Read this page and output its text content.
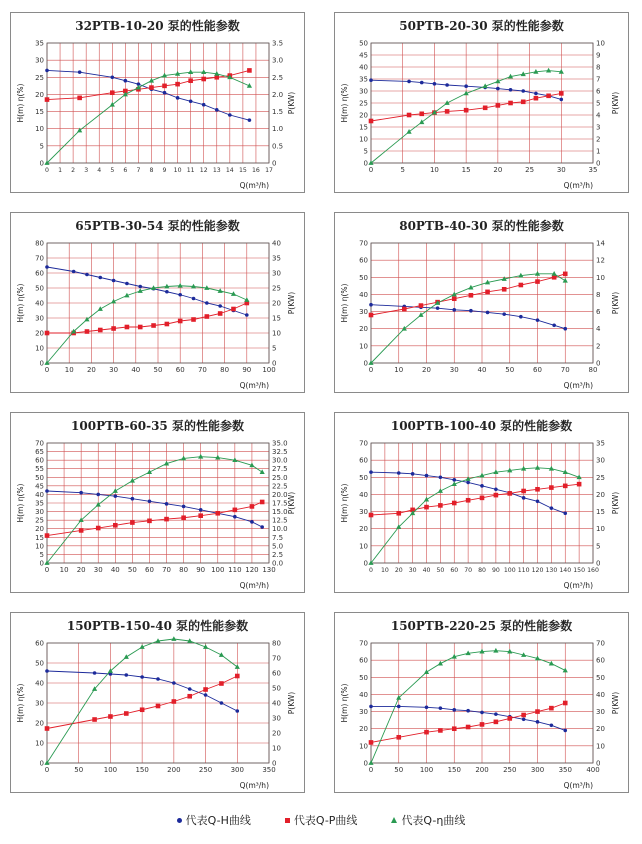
32PTB-10-20 泵的性能参数
0 1 2 3 4 5 6 7 8 9 10 11 12 13 14 15 16 17
0
5
10
15
20
25
30
35
0
0.5
1.0
1.5
2.0
2.5
3.0
3.5
H(m) η(%)	P(KW)
Q(m³/h)
50PTB-20-30 泵的性能参数
0	5	10	15	20	25	30	35
0
5
10
15
20
25
30
35
40
45
50
0
1
2
3
4
5
6
7
8
9
10
H(m) η(%)	P(KW)
Q(m³/h)
65PTB-30-54 泵的性能参数
0 10 20 30 40 50 60 70 80 90 100
0
10
20
30
40
50
60
70
80
0
5
10
15
20
25
30
35
40
H(m) η(%)	P(KW)
Q(m³/h)
80PTB-40-30 泵的性能参数
0	10	20	30	40	50	60	70	80
0
10
20
30
40
50
60
70
0
2
4
6
8
10
12
14
H(m) η(%)	P(KW)
Q(m³/h)
100PTB-60-35 泵的性能参数
0 10 20 30 40 50 60 70 80 90 100 110 120 130
0
5
10
15
20
25
30
35
40
45
50
55
60
65
70
0.0
2.5
5.0
7.5
10.0
12.5
15.0
17.5
20.0
22.5
25.0
27.5
30.0
32.5
35.0
H(m) η(%)	P(KW)
Q(m³/h)
100PTB-100-40 泵的性能参数
0 10 20 30 40 50 60 70 80 90 100 110 120 130 140 150 160
0
10
20
30
40
50
60
70
0
5
10
15
20
25
30
35
H(m) η(%)	P(KW)
Q(m³/h)
150PTB-150-40 泵的性能参数
0	50	100	150	200	250	300	350
0
10
20
30
40
50
60
0
10
20
30
40
50
60
70
80
H(m) η(%)	P(KW)
Q(m³/h)
150PTB-220-25 泵的性能参数
0	50 100 150 200 250 300 350 400
0
10
20
30
40
50
60
70
0
10
20
30
40
50
60
70
H(m) η(%)	P(KW)
Q(m³/h)
代表Q-H曲线	代表Q-P曲线	代表Q-η曲线
